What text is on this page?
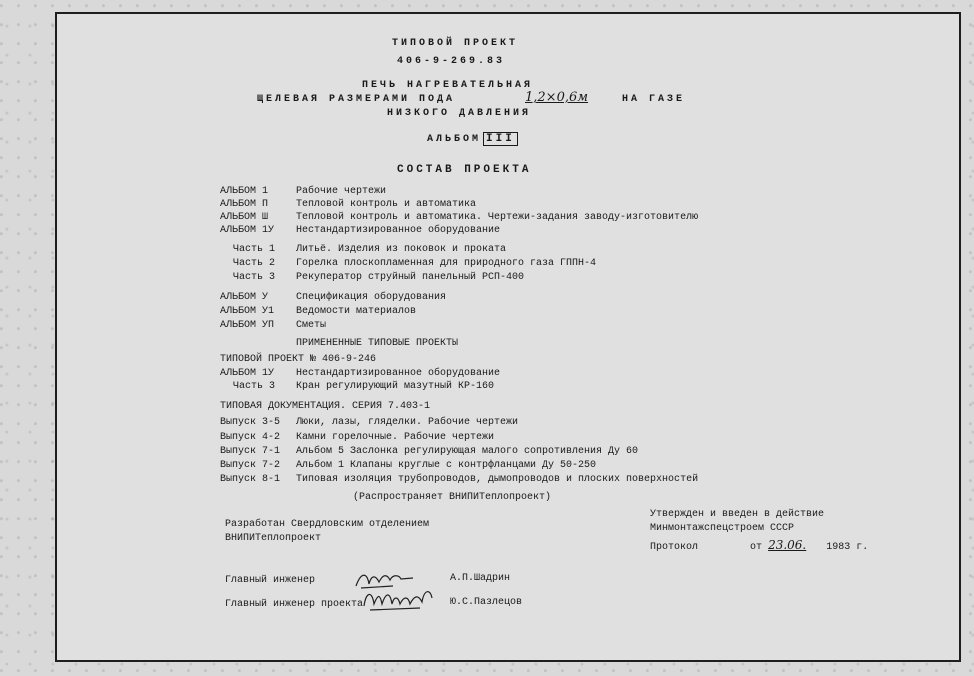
ТИПОВОЙ ПРОЕКТ
406-9-269.83
ПЕЧЬ НАГРЕВАТЕЛЬНАЯ
ЩЕЛЕВАЯ РАЗМЕРАМИ ПОДА	1,2×0,6м	НА ГАЗЕ
НИЗКОГО ДАВЛЕНИЯ
АЛЬБОМ III
СОСТАВ ПРОЕКТА
АЛЬБОМ 1	Рабочие чертежи
АЛЬБОМ П	Тепловой контроль и автоматика
АЛЬБОМ Ш	Тепловой контроль и автоматика. Чертежи-задания заводу-изготовителю
АЛЬБОМ 1У Нестандартизированное оборудование
Часть 1 Литьё. Изделия из поковок и проката
Часть 2 Горелка плоскопламенная для природного газа ГППН-4
Часть 3 Рекуператор струйный панельный РСП-400
АЛЬБОМ У	Спецификация оборудования
АЛЬБОМ У1 Ведомости материалов
АЛЬБОМ УП Сметы
ПРИМЕНЕННЫЕ ТИПОВЫЕ ПРОЕКТЫ
ТИПОВОЙ ПРОЕКТ № 406-9-246
АЛЬБОМ 1У Нестандартизированное оборудование
Часть 3 Кран регулирующий мазутный КР-160
ТИПОВАЯ ДОКУМЕНТАЦИЯ. СЕРИЯ 7.403-1
Выпуск 3-5 Люки, лазы, гляделки. Рабочие чертежи
Выпуск 4-2 Камни горелочные. Рабочие чертежи
Выпуск 7-1 Альбом 5 Заслонка регулирующая малого сопротивления Ду 60
Выпуск 7-2 Альбом 1 Клапаны круглые с контрфланцами Ду 50-250
Выпуск 8-1 Типовая изоляция трубопроводов, дымопроводов и плоских поверхностей
(Распространяет ВНИПИТеплопроект)
Разработан Свердловским отделением
ВНИПИТеплопроект
Утвержден и введен в действие
Минмонтажспецстроем СССР
Протокол	от 23.06. 1983 г.
Главный инженер	А.П.Шадрин
Главный инженер проекта	Ю.С.Пазлецов
